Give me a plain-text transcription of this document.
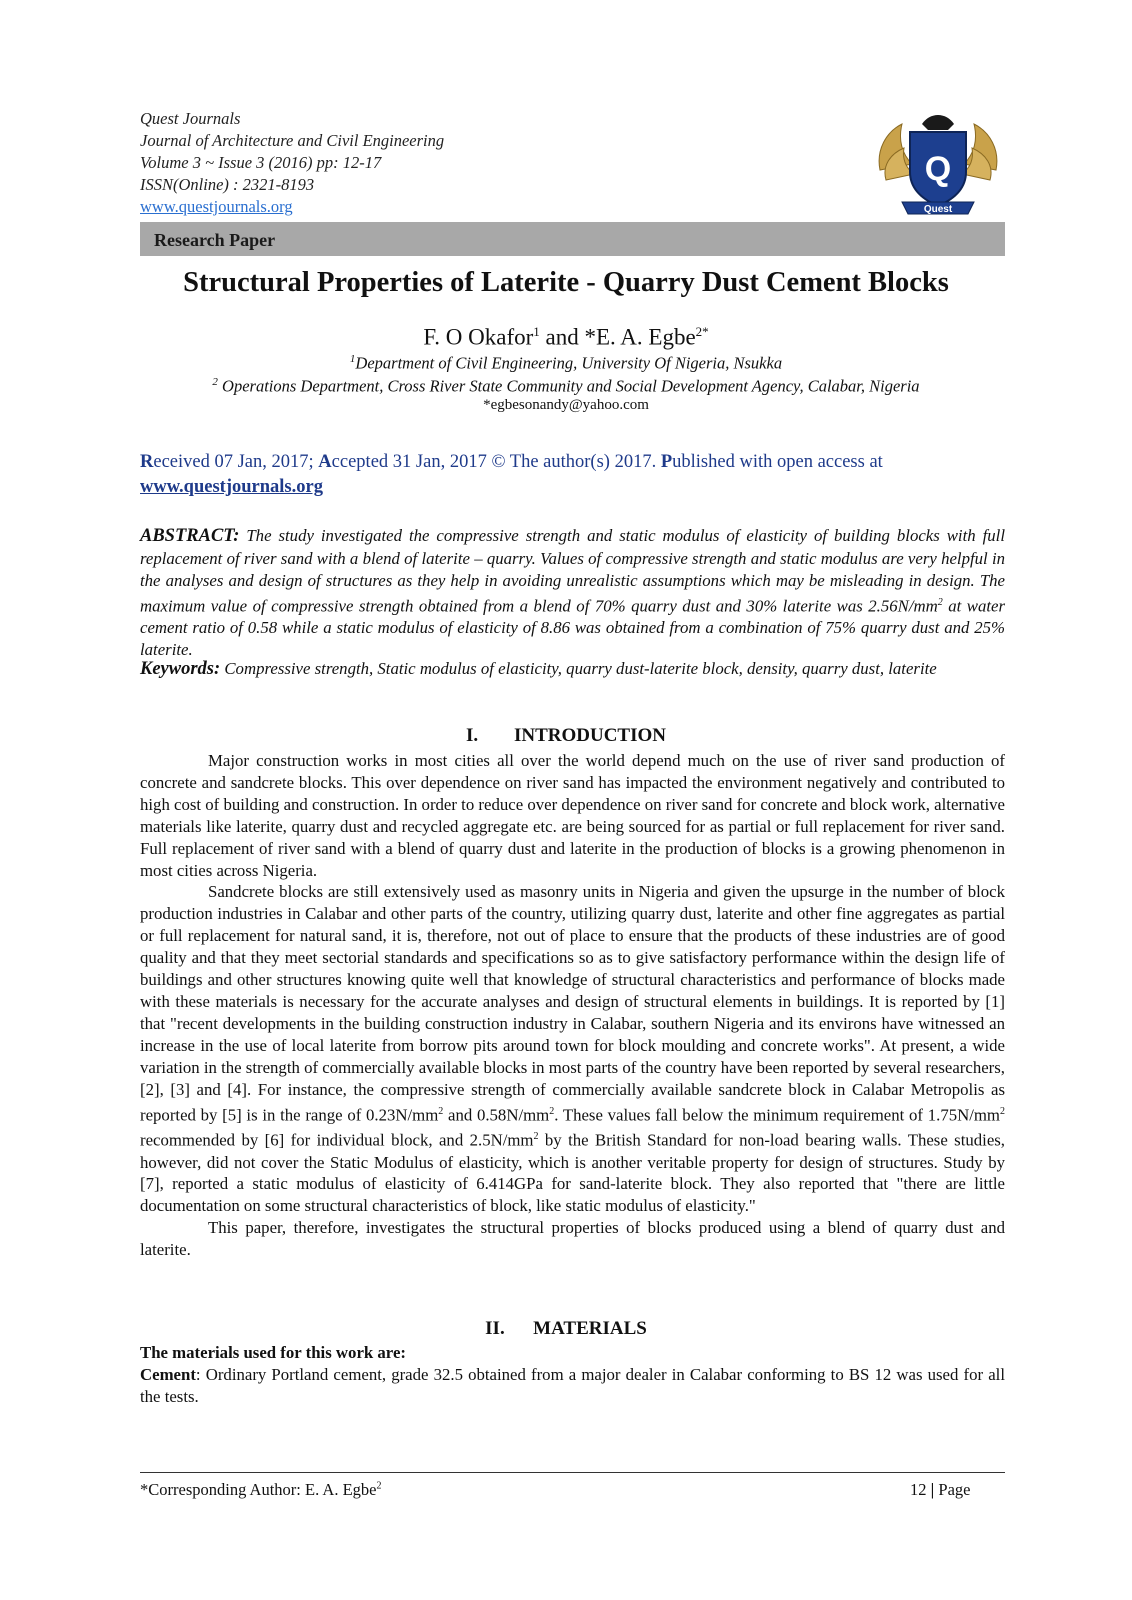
Quest Journals
Journal of Architecture and Civil Engineering
Volume 3 ~ Issue 3 (2016) pp: 12-17
ISSN(Online) : 2321-8193
www.questjournals.org
Q
Quest
Research Paper
Structural Properties of Laterite - Quarry Dust Cement Blocks
F. O Okafor$^1$ and *E. A. Egbe$^{2*}$
$^1$Department of Civil Engineering, University Of Nigeria, Nsukka
$^2$ Operations Department, Cross River State Community and Social Development Agency, Calabar, Nigeria
*egbesonandy@yahoo.com
Received 07 Jan, 2017; Accepted 31 Jan, 2017 © The author(s) 2017. Published with open access at
www.questjournals.org
ABSTRACT: The study investigated the compressive strength and static modulus of elasticity of building blocks with full replacement of river sand with a blend of laterite – quarry. Values of compressive strength and static modulus are very helpful in the analyses and design of structures as they help in avoiding unrealistic assumptions which may be misleading in design. The maximum value of compressive strength obtained from a blend of 70% quarry dust and 30% laterite was $2.56N/mm^2$ at water cement ratio of 0.58 while a static modulus of elasticity of 8.86 was obtained from a combination of 75% quarry dust and 25% laterite.
Keywords: Compressive strength, Static modulus of elasticity, quarry dust-laterite block, density, quarry dust, laterite
I. INTRODUCTION

Major construction works in most cities all over the world depend much on the use of river sand production of concrete and sandcrete blocks. This over dependence on river sand has impacted the environment negatively and contributed to high cost of building and construction. In order to reduce over dependence on river sand for concrete and block work, alternative materials like laterite, quarry dust and recycled aggregate etc. are being sourced for as partial or full replacement for river sand. Full replacement of river sand with a blend of quarry dust and laterite in the production of blocks is a growing phenomenon in most cities across Nigeria.

Sandcrete blocks are still extensively used as masonry units in Nigeria and given the upsurge in the number of block production industries in Calabar and other parts of the country, utilizing quarry dust, laterite and other fine aggregates as partial or full replacement for natural sand, it is, therefore, not out of place to ensure that the products of these industries are of good quality and that they meet sectorial standards and specifications so as to give satisfactory performance within the design life of buildings and other structures knowing quite well that knowledge of structural characteristics and performance of blocks made with these materials is necessary for the accurate analyses and design of structural elements in buildings. It is reported by [1] that "recent developments in the building construction industry in Calabar, southern Nigeria and its environs have witnessed an increase in the use of local laterite from borrow pits around town for block moulding and concrete works". At present, a wide variation in the strength of commercially available blocks in most parts of the country have been reported by several researchers, [2], [3] and [4]. For instance, the compressive strength of commercially available sandcrete block in Calabar Metropolis as reported by [5] is in the range of $0.23N/mm^2$ and $0.58N/mm^2$. These values fall below the minimum requirement of $1.75N/mm^2$ recommended by [6] for individual block, and $2.5N/mm^2$ by the British Standard for non-load bearing walls. These studies, however, did not cover the Static Modulus of elasticity, which is another veritable property for design of structures. Study by [7], reported a static modulus of elasticity of 6.414GPa for sand-laterite block. They also reported that "there are little documentation on some structural characteristics of block, like static modulus of elasticity."

This paper, therefore, investigates the structural properties of blocks produced using a blend of quarry dust and laterite.

II. MATERIALS

The materials used for this work are:

Cement: Ordinary Portland cement, grade 32.5 obtained from a major dealer in Calabar conforming to BS 12 was used for all the tests.

*Corresponding Author: E. A. Egbe$^2$	12 | Page
